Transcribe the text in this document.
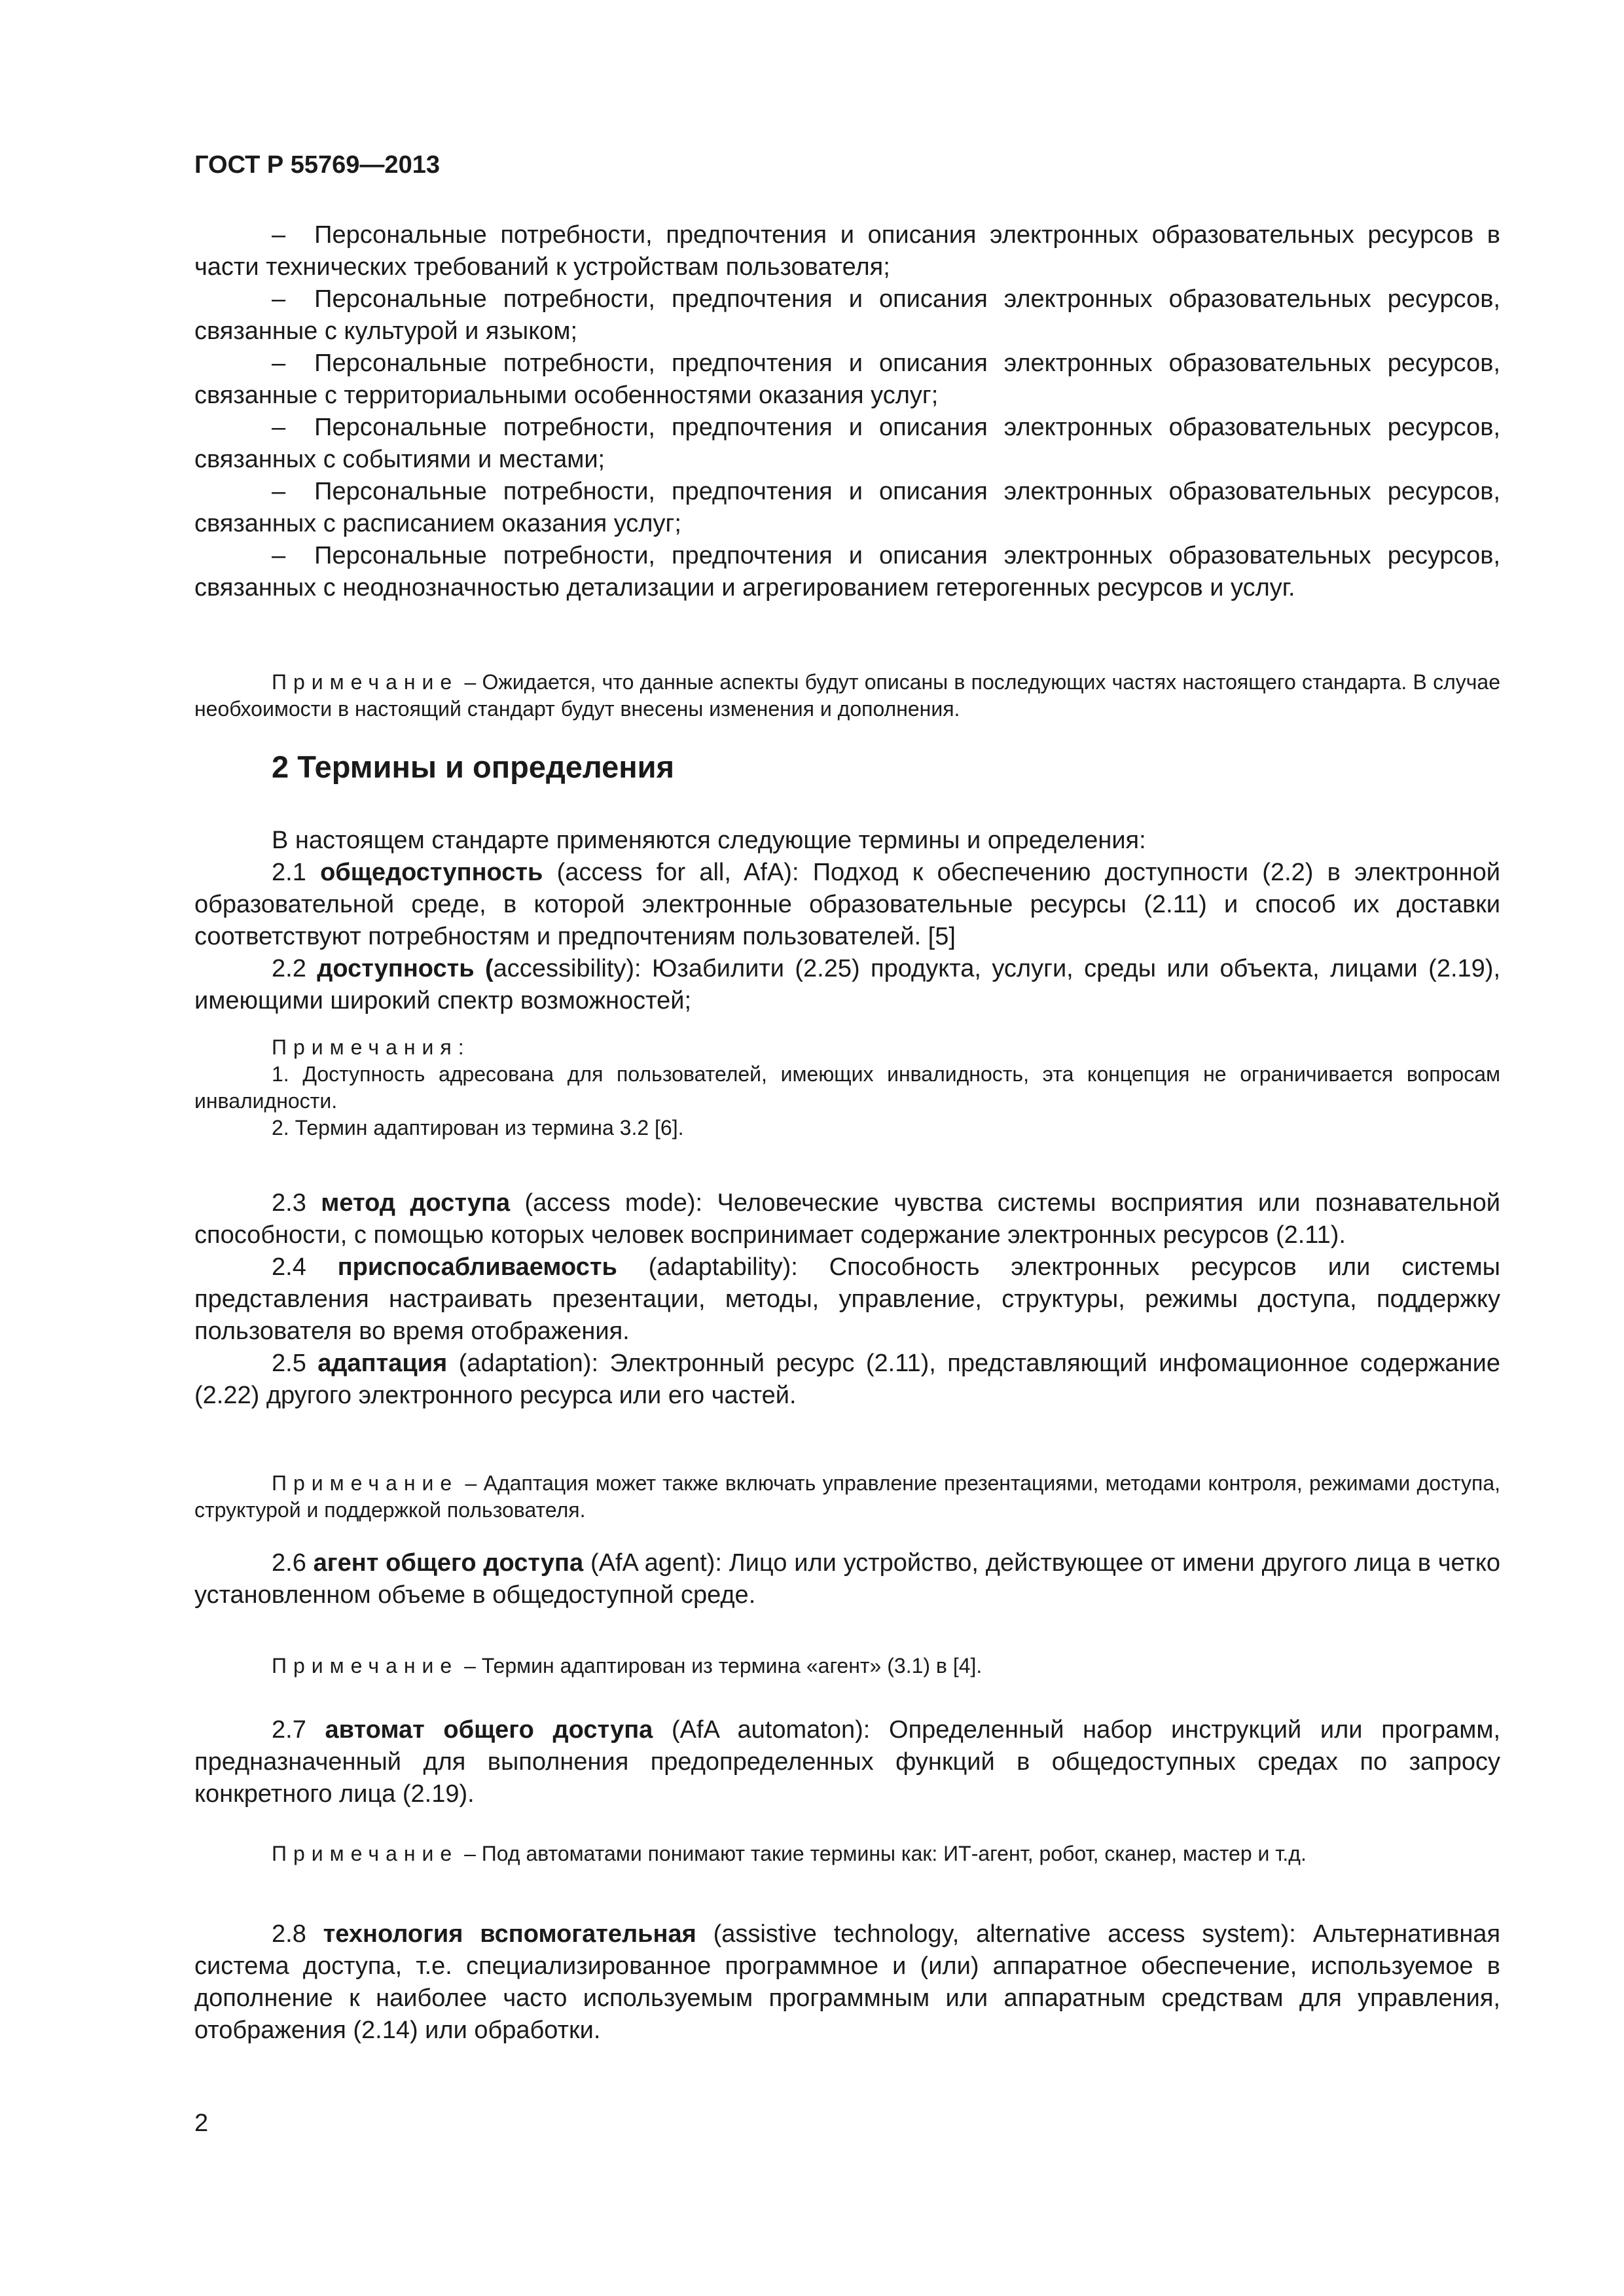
ГОСТ Р 55769—2013

– Персональные потребности, предпочтения и описания электронных образовательных ресурсов в части технических требований к устройствам пользователя;

– Персональные потребности, предпочтения и описания электронных образовательных ресурсов, связанные с культурой и языком;

– Персональные потребности, предпочтения и описания электронных образовательных ресурсов, связанные с территориальными особенностями оказания услуг;

– Персональные потребности, предпочтения и описания электронных образовательных ресурсов, связанных с событиями и местами;

– Персональные потребности, предпочтения и описания электронных образовательных ресурсов, связанных с расписанием оказания услуг;

– Персональные потребности, предпочтения и описания электронных образовательных ресурсов, связанных с неоднозначностью детализации и агрегированием гетерогенных ресурсов и услуг.

Примечание – Ожидается, что данные аспекты будут описаны в последующих частях настоящего стандарта. В случае необхоимости в настоящий стандарт будут внесены изменения и дополнения.

2 Термины и определения

В настоящем стандарте применяются следующие термины и определения:

2.1 общедоступность (access for all, AfA): Подход к обеспечению доступности (2.2) в электронной образовательной среде, в которой электронные образовательные ресурсы (2.11) и способ их доставки соответствуют потребностям и предпочтениям пользователей. [5]

2.2 доступность (accessibility): Юзабилити (2.25) продукта, услуги, среды или объекта, лицами (2.19), имеющими широкий спектр возможностей;

Примечания:

1. Доступность адресована для пользователей, имеющих инвалидность, эта концепция не ограничивается вопросам инвалидности.

2. Термин адаптирован из термина 3.2 [6].

2.3 метод доступа (access mode): Человеческие чувства системы восприятия или познавательной способности, с помощью которых человек воспринимает содержание электронных ресурсов (2.11).

2.4 приспосабливаемость (adaptability): Способность электронных ресурсов или системы представления настраивать презентации, методы, управление, структуры, режимы доступа, поддержку пользователя во время отображения.

2.5 адаптация (adaptation): Электронный ресурс (2.11), представляющий инфомационное содержание (2.22) другого электронного ресурса или его частей.

Примечание – Адаптация может также включать управление презентациями, методами контроля, режимами доступа, структурой и поддержкой пользователя.

2.6 агент общего доступа (AfA agent): Лицо или устройство, действующее от имени другого лица в четко установленном объеме в общедоступной среде.

Примечание – Термин адаптирован из термина «агент» (3.1) в [4].

2.7 автомат общего доступа (AfA automaton): Определенный набор инструкций или программ, предназначенный для выполнения предопределенных функций в общедоступных средах по запросу конкретного лица (2.19).

Примечание – Под автоматами понимают такие термины как: ИТ-агент, робот, сканер, мастер и т.д.

2.8 технология вспомогательная (assistive technology, alternative access system): Альтернативная система доступа, т.е. специализированное программное и (или) аппаратное обеспечение, используемое в дополнение к наиболее часто используемым программным или аппаратным средствам для управления, отображения (2.14) или обработки.

2
